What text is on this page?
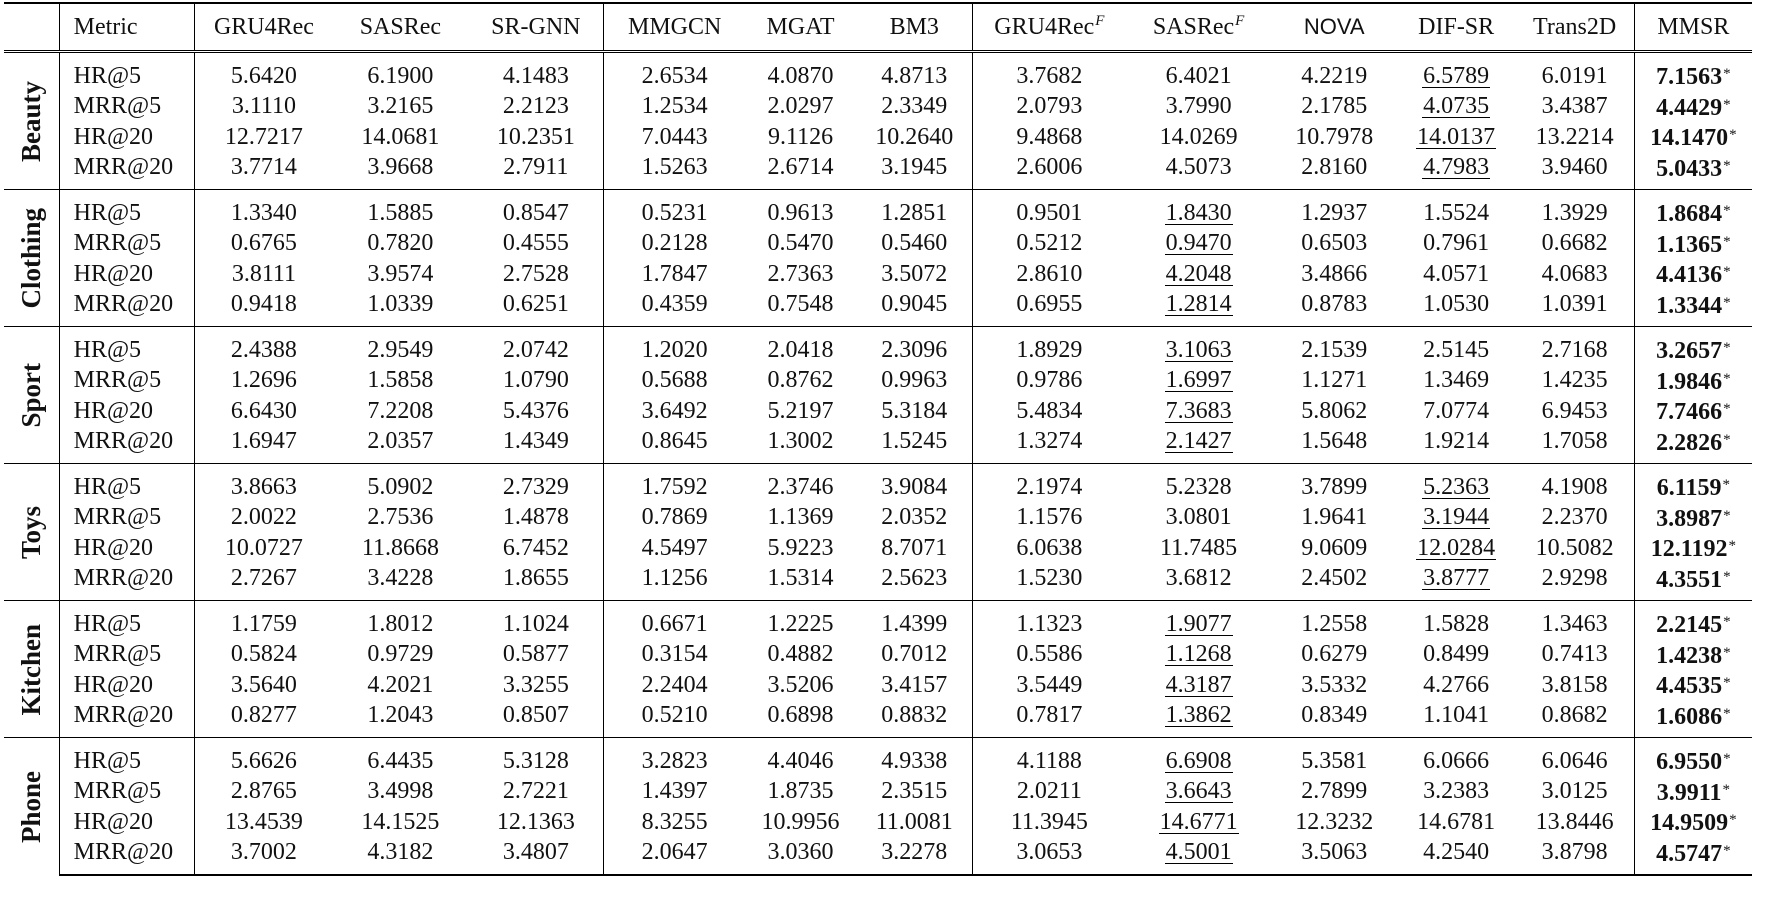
	Metric	GRU4Rec	SASRec	SR-GNN	MMGCN	MGAT	BM3	GRU4Rec$^F$	SASRec$^F$	NOVA	DIF-SR	Trans2D	MMSR
Beauty	HR@5	5.6420	6.1900	4.1483	2.6534	4.0870	4.8713	3.7682	6.4021	4.2219	6.5789	6.0191	7.1563*
	MRR@5	3.1110	3.2165	2.2123	1.2534	2.0297	2.3349	2.0793	3.7990	2.1785	4.0735	3.4387	4.4429*
	HR@20	12.7217	14.0681	10.2351	7.0443	9.1126	10.2640	9.4868	14.0269	10.7978	14.0137	13.2214	14.1470*
	MRR@20	3.7714	3.9668	2.7911	1.5263	2.6714	3.1945	2.6006	4.5073	2.8160	4.7983	3.9460	5.0433*
Clothing	HR@5	1.3340	1.5885	0.8547	0.5231	0.9613	1.2851	0.9501	1.8430	1.2937	1.5524	1.3929	1.8684*
	MRR@5	0.6765	0.7820	0.4555	0.2128	0.5470	0.5460	0.5212	0.9470	0.6503	0.7961	0.6682	1.1365*
	HR@20	3.8111	3.9574	2.7528	1.7847	2.7363	3.5072	2.8610	4.2048	3.4866	4.0571	4.0683	4.4136*
	MRR@20	0.9418	1.0339	0.6251	0.4359	0.7548	0.9045	0.6955	1.2814	0.8783	1.0530	1.0391	1.3344*
Sport	HR@5	2.4388	2.9549	2.0742	1.2020	2.0418	2.3096	1.8929	3.1063	2.1539	2.5145	2.7168	3.2657*
	MRR@5	1.2696	1.5858	1.0790	0.5688	0.8762	0.9963	0.9786	1.6997	1.1271	1.3469	1.4235	1.9846*
	HR@20	6.6430	7.2208	5.4376	3.6492	5.2197	5.3184	5.4834	7.3683	5.8062	7.0774	6.9453	7.7466*
	MRR@20	1.6947	2.0357	1.4349	0.8645	1.3002	1.5245	1.3274	2.1427	1.5648	1.9214	1.7058	2.2826*
Toys	HR@5	3.8663	5.0902	2.7329	1.7592	2.3746	3.9084	2.1974	5.2328	3.7899	5.2363	4.1908	6.1159*
	MRR@5	2.0022	2.7536	1.4878	0.7869	1.1369	2.0352	1.1576	3.0801	1.9641	3.1944	2.2370	3.8987*
	HR@20	10.0727	11.8668	6.7452	4.5497	5.9223	8.7071	6.0638	11.7485	9.0609	12.0284	10.5082	12.1192*
	MRR@20	2.7267	3.4228	1.8655	1.1256	1.5314	2.5623	1.5230	3.6812	2.4502	3.8777	2.9298	4.3551*
Kitchen	HR@5	1.1759	1.8012	1.1024	0.6671	1.2225	1.4399	1.1323	1.9077	1.2558	1.5828	1.3463	2.2145*
	MRR@5	0.5824	0.9729	0.5877	0.3154	0.4882	0.7012	0.5586	1.1268	0.6279	0.8499	0.7413	1.4238*
	HR@20	3.5640	4.2021	3.3255	2.2404	3.5206	3.4157	3.5449	4.3187	3.5332	4.2766	3.8158	4.4535*
	MRR@20	0.8277	1.2043	0.8507	0.5210	0.6898	0.8832	0.7817	1.3862	0.8349	1.1041	0.8682	1.6086*
Phone	HR@5	5.6626	6.4435	5.3128	3.2823	4.4046	4.9338	4.1188	6.6908	5.3581	6.0666	6.0646	6.9550*
	MRR@5	2.8765	3.4998	2.7221	1.4397	1.8735	2.3515	2.0211	3.6643	2.7899	3.2383	3.0125	3.9911*
	HR@20	13.4539	14.1525	12.1363	8.3255	10.9956	11.0081	11.3945	14.6771	12.3232	14.6781	13.8446	14.9509*
	MRR@20	3.7002	4.3182	3.4807	2.0647	3.0360	3.2278	3.0653	4.5001	3.5063	4.2540	3.8798	4.5747*
